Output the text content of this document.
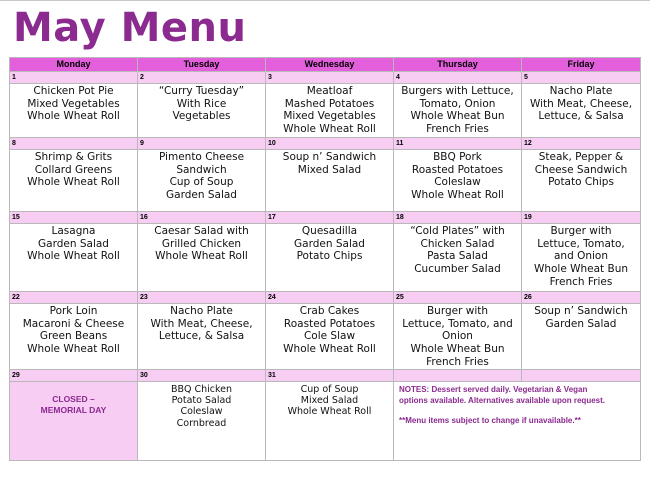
May Menu
Monday	Tuesday	Wednesday	Thursday	Friday
1	2	3	4	5

Chicken Pot Pie
Mixed Vegetables
Whole Wheat Roll	“Curry Tuesday”
With Rice
Vegetables	Meatloaf
Mashed Potatoes
Mixed Vegetables
Whole Wheat Roll	Burgers with Lettuce,
Tomato, Onion
Whole Wheat Bun
French Fries	Nacho Plate
With Meat, Cheese,
Lettuce, & Salsa

8	9	10	11	12

Shrimp & Grits
Collard Greens
Whole Wheat Roll	Pimento Cheese
Sandwich
Cup of Soup
Garden Salad	Soup n’ Sandwich
Mixed Salad	BBQ Pork
Roasted Potatoes
Coleslaw
Whole Wheat Roll	Steak, Pepper &
Cheese Sandwich
Potato Chips

15	16	17	18	19

Lasagna
Garden Salad
Whole Wheat Roll	Caesar Salad with
Grilled Chicken
Whole Wheat Roll	Quesadilla
Garden Salad
Potato Chips	“Cold Plates” with
Chicken Salad
Pasta Salad
Cucumber Salad	Burger with
Lettuce, Tomato,
and Onion
Whole Wheat Bun
French Fries

22	23	24	25	26

Pork Loin
Macaroni & Cheese
Green Beans
Whole Wheat Roll	Nacho Plate
With Meat, Cheese,
Lettuce, & Salsa	Crab Cakes
Roasted Potatoes
Cole Slaw
Whole Wheat Roll	Burger with
Lettuce, Tomato, and
Onion
Whole Wheat Bun
French Fries	Soup n’ Sandwich
Garden Salad

29	30	31		

CLOSED –
MEMORIAL DAY	BBQ Chicken
Potato Salad
Coleslaw
Cornbread	Cup of Soup
Mixed Salad
Whole Wheat Roll	NOTES: Dessert served daily. Vegetarian & Vegan
options available. Alternatives available upon request.
**Menu items subject to change if unavailable.**	
